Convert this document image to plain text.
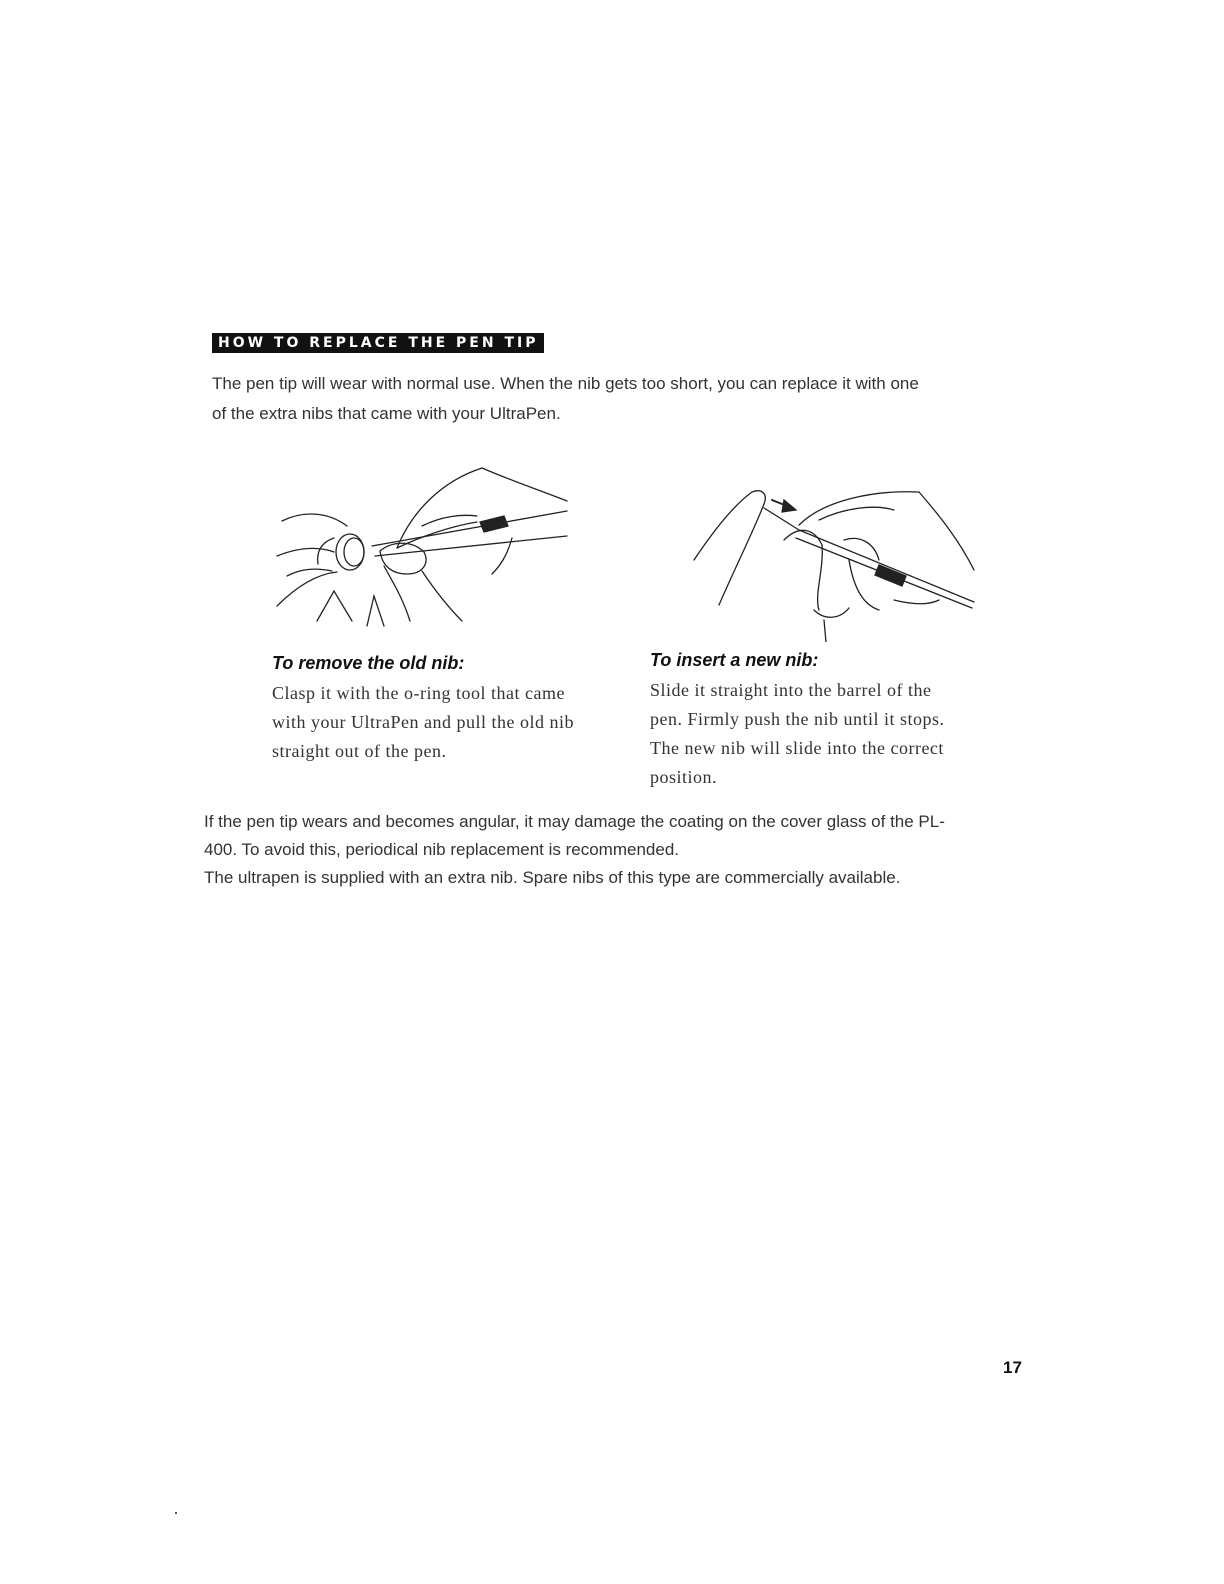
HOW TO REPLACE THE PEN TIP

The pen tip will wear with normal use. When the nib gets too short, you can replace it with one

of the extra nibs that came with your UltraPen.

To remove the old nib:
Clasp it with the o-ring tool that came with your UltraPen and pull the old nib straight out of the pen.
To insert a new nib:
Slide it straight into the barrel of the pen. Firmly push the nib until it stops. The new nib will slide into the correct position.

If the pen tip wears and becomes angular, it may damage the coating on the cover glass of the PL-

400. To avoid this, periodical nib replacement is recommended.

The ultrapen is supplied with an extra nib. Spare nibs of this type are commercially available.

17
